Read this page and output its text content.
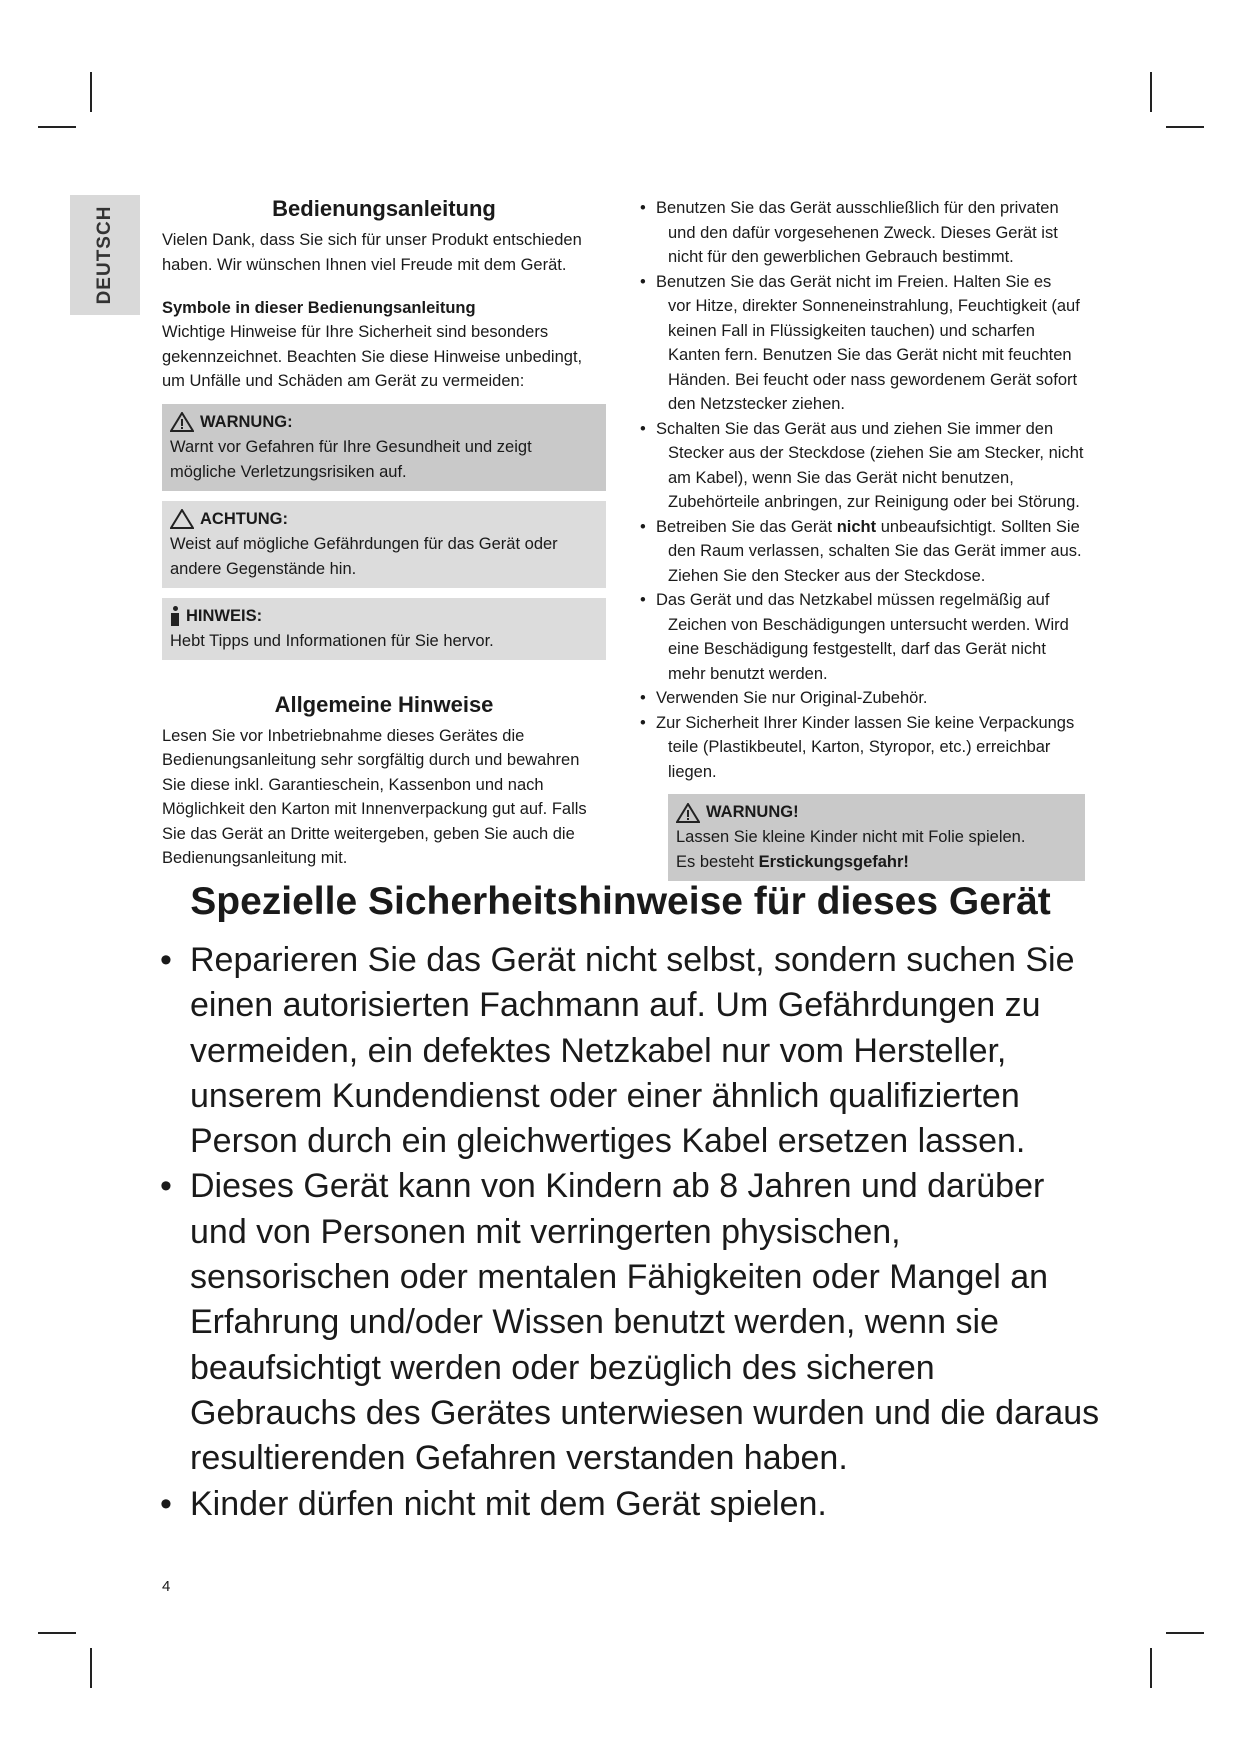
DEUTSCH	Bedienungsanleitung

Vielen Dank, dass Sie sich für unser Produkt entschieden haben. Wir wünschen Ihnen viel Freude mit dem Gerät.

Symbole in dieser Bedienungsanleitung

Wichtige Hinweise für Ihre Sicherheit sind besonders gekennzeichnet. Beachten Sie diese Hinweise unbedingt, um Unfälle und Schäden am Gerät zu vermeiden:

WARNUNG:
Warnt vor Gefahren für Ihre Gesundheit und zeigt mögliche Verletzungsrisiken auf.
ACHTUNG:
Weist auf mögliche Gefährdungen für das Gerät oder andere Gegenstände hin.
HINWEIS:
Hebt Tipps und Informationen für Sie hervor.
Allgemeine Hinweise

Lesen Sie vor Inbetriebnahme dieses Gerätes die Bedienungsanleitung sehr sorgfältig durch und bewahren Sie diese inkl. Garantieschein, Kassenbon und nach Möglichkeit den Karton mit Innenverpackung gut auf. Falls Sie das Gerät an Dritte weitergeben, geben Sie auch die Bedienungsanleitung mit.

• Benutzen Sie das Gerät ausschließlich für den privaten
und den dafür vorgesehenen Zweck. Dieses Gerät ist nicht für den gewerblichen Gebrauch bestimmt.
• Benutzen Sie das Gerät nicht im Freien. Halten Sie es
vor Hitze, direkter Sonneneinstrahlung, Feuchtigkeit (auf keinen Fall in Flüssigkeiten tauchen) und scharfen Kanten fern. Benutzen Sie das Gerät nicht mit feuchten Händen. Bei feucht oder nass gewordenem Gerät sofort den Netzstecker ziehen.
• Schalten Sie das Gerät aus und ziehen Sie immer den
Stecker aus der Steckdose (ziehen Sie am Stecker, nicht am Kabel), wenn Sie das Gerät nicht benutzen, Zubehörteile anbringen, zur Reinigung oder bei Störung.
• Betreiben Sie das Gerät nicht unbeaufsichtigt. Sollten Sie
den Raum verlassen, schalten Sie das Gerät immer aus. Ziehen Sie den Stecker aus der Steckdose.
• Das Gerät und das Netzkabel müssen regelmäßig auf
Zeichen von Beschädigungen untersucht werden. Wird eine Beschädigung festgestellt, darf das Gerät nicht mehr benutzt werden.
• Verwenden Sie nur Original-Zubehör.
• Zur Sicherheit Ihrer Kinder lassen Sie keine Verpackungs
teile (Plastikbeutel, Karton, Styropor, etc.) erreichbar liegen.
WARNUNG!
Lassen Sie kleine Kinder nicht mit Folie spielen.
Es besteht Erstickungsgefahr!
Spezielle Sicherheitshinweise für dieses Gerät
• Reparieren Sie das Gerät nicht selbst, sondern suchen Sie einen autorisierten Fachmann auf. Um Gefährdungen zu vermeiden, ein defektes Netzkabel nur vom Hersteller, unserem Kundendienst oder einer ähnlich qualifizierten Person durch ein gleichwertiges Kabel ersetzen lassen.
• Dieses Gerät kann von Kindern ab 8 Jahren und darüber und von Personen mit verringerten physischen, sensorischen oder mentalen Fähigkeiten oder Mangel an Erfahrung und/oder Wissen benutzt werden, wenn sie beaufsichtigt werden oder bezüglich des sicheren Gebrauchs des Gerätes unterwiesen wurden und die daraus resultierenden Gefahren verstanden haben.
• Kinder dürfen nicht mit dem Gerät spielen.
4
